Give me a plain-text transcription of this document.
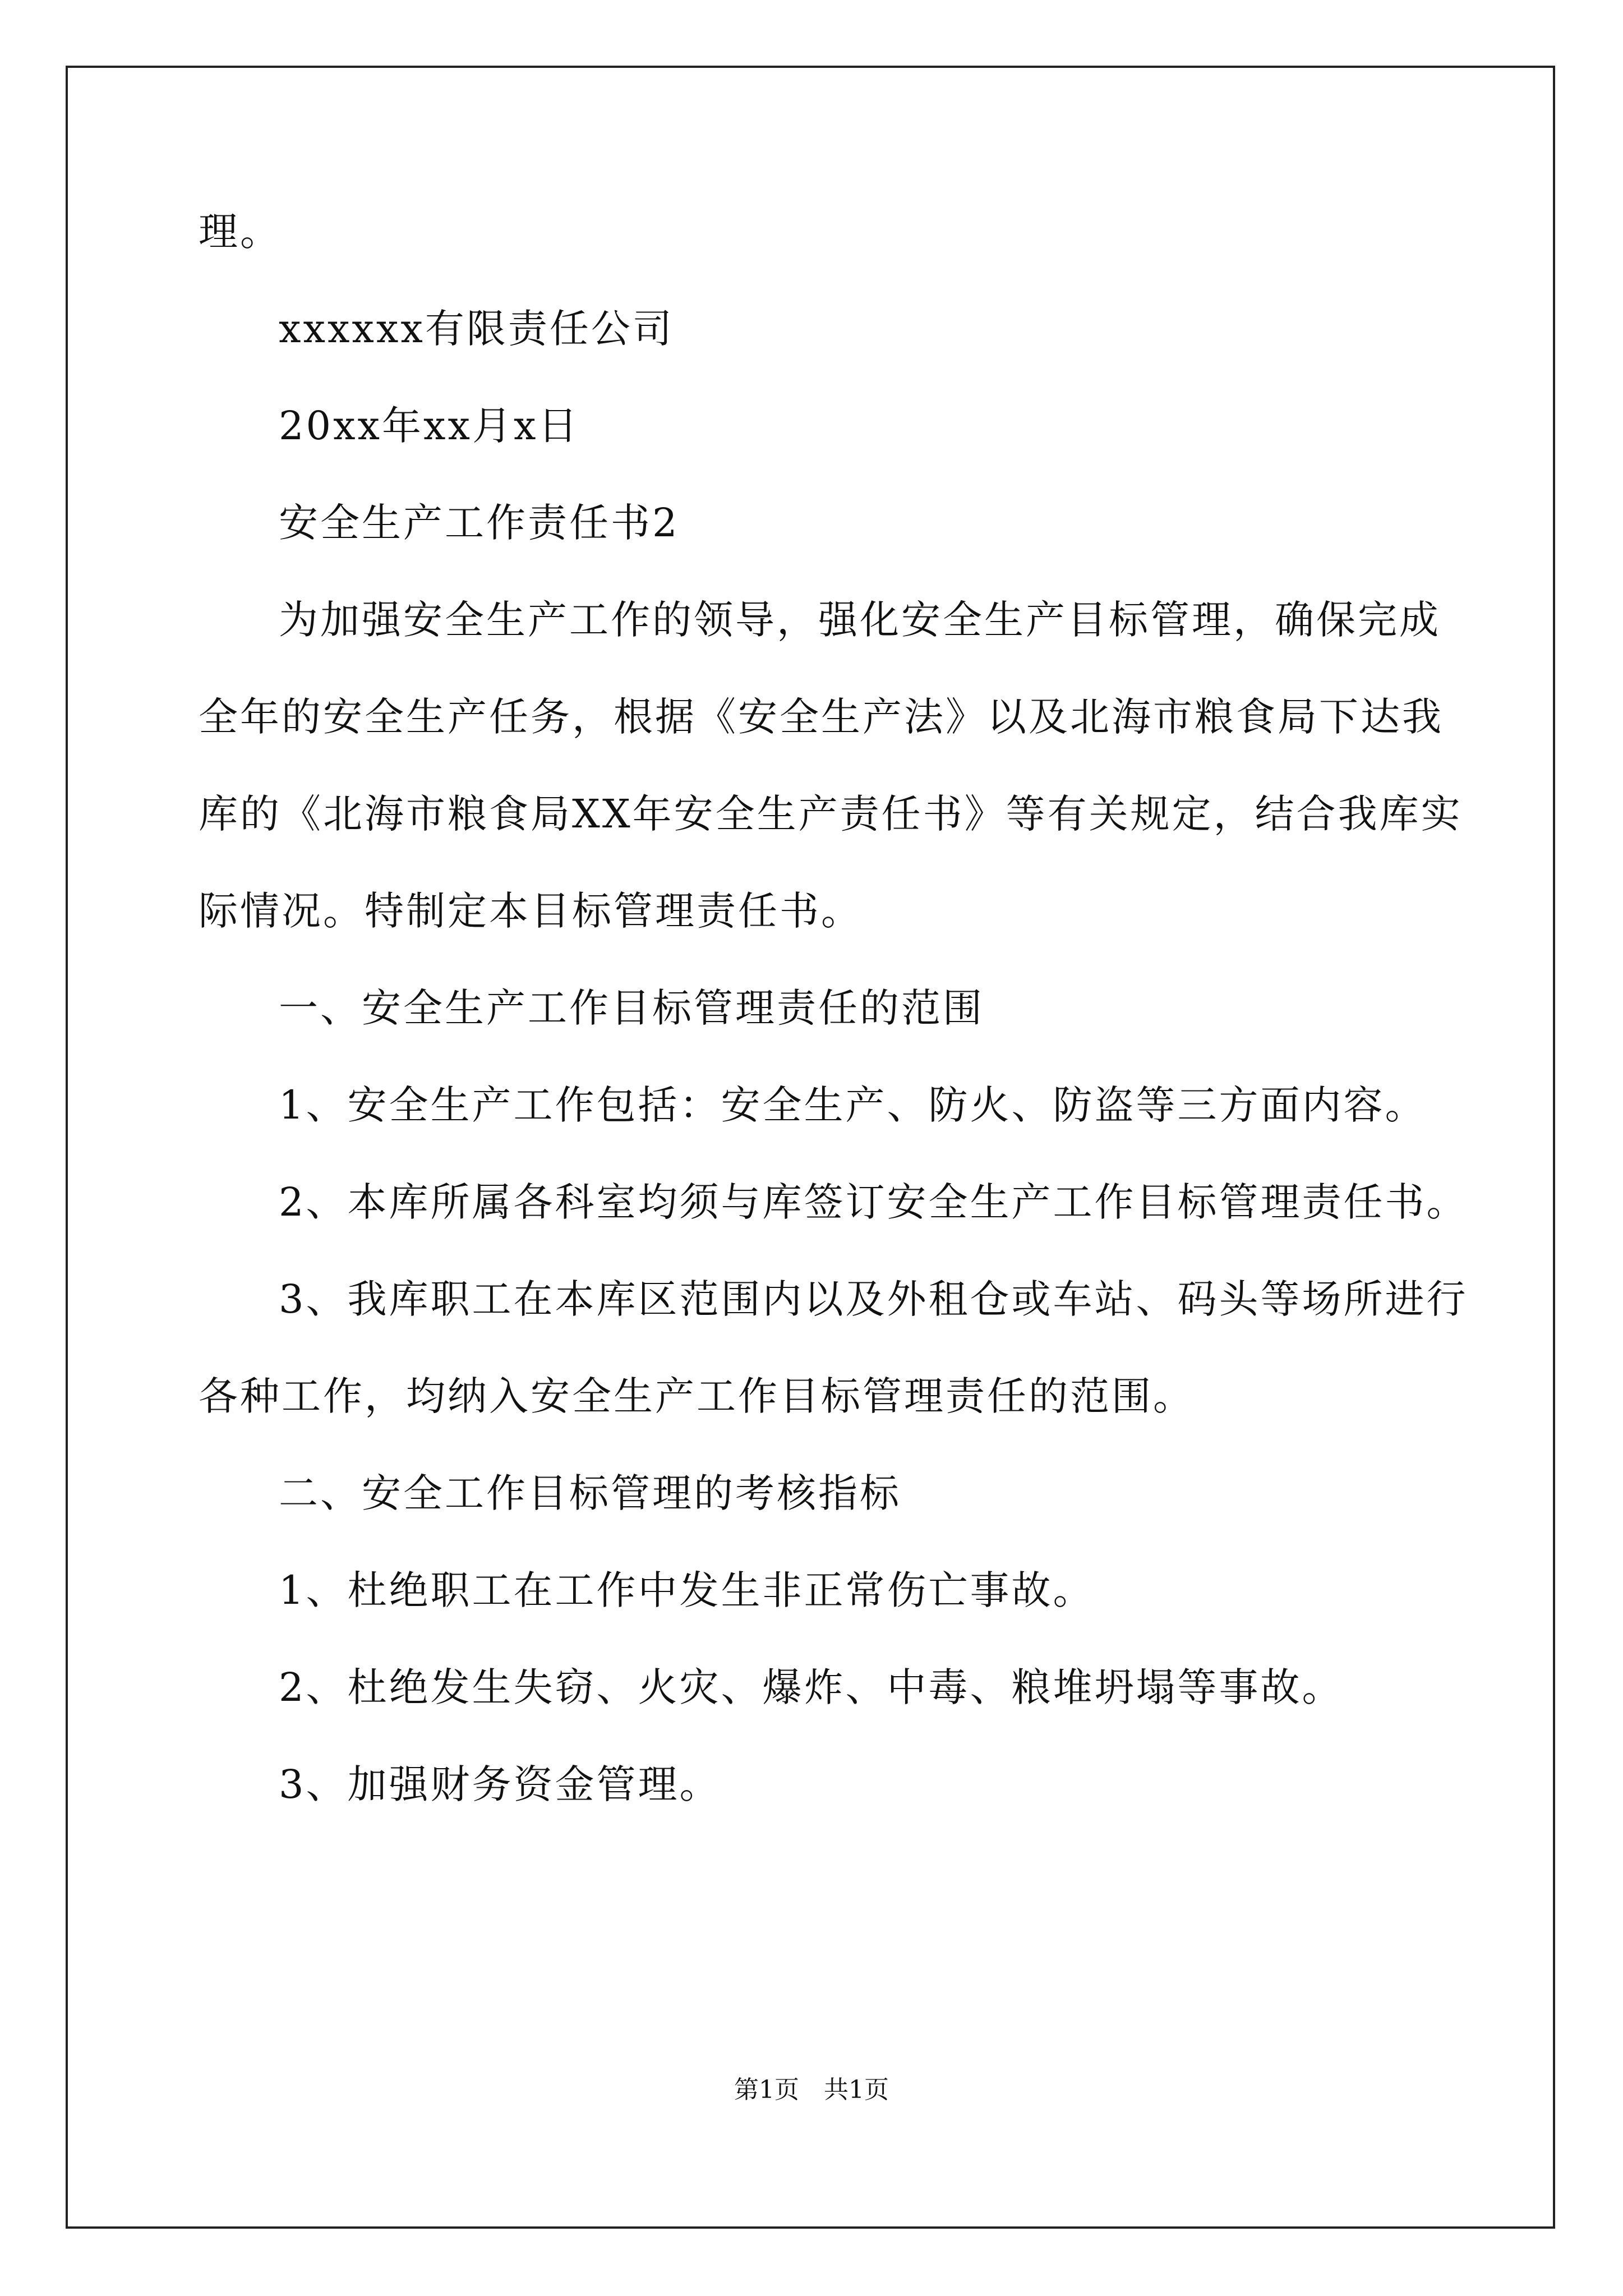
理。
xxxxxx有限责任公司
20xx年xx月x日
安全生产工作责任书2
为加强安全生产工作的领导，强化安全生产目标管理，确保完成
全年的安全生产任务，根据《安全生产法》以及北海市粮食局下达我
库的《北海市粮食局XX年安全生产责任书》等有关规定，结合我库实
际情况。特制定本目标管理责任书。
一、安全生产工作目标管理责任的范围
1、安全生产工作包括：安全生产、防火、防盗等三方面内容。
2、本库所属各科室均须与库签订安全生产工作目标管理责任书。
3、我库职工在本库区范围内以及外租仓或车站、码头等场所进行
各种工作，均纳入安全生产工作目标管理责任的范围。
二、安全工作目标管理的考核指标
1、杜绝职工在工作中发生非正常伤亡事故。
2、杜绝发生失窃、火灾、爆炸、中毒、粮堆坍塌等事故。
3、加强财务资金管理。
第1页　共1页
